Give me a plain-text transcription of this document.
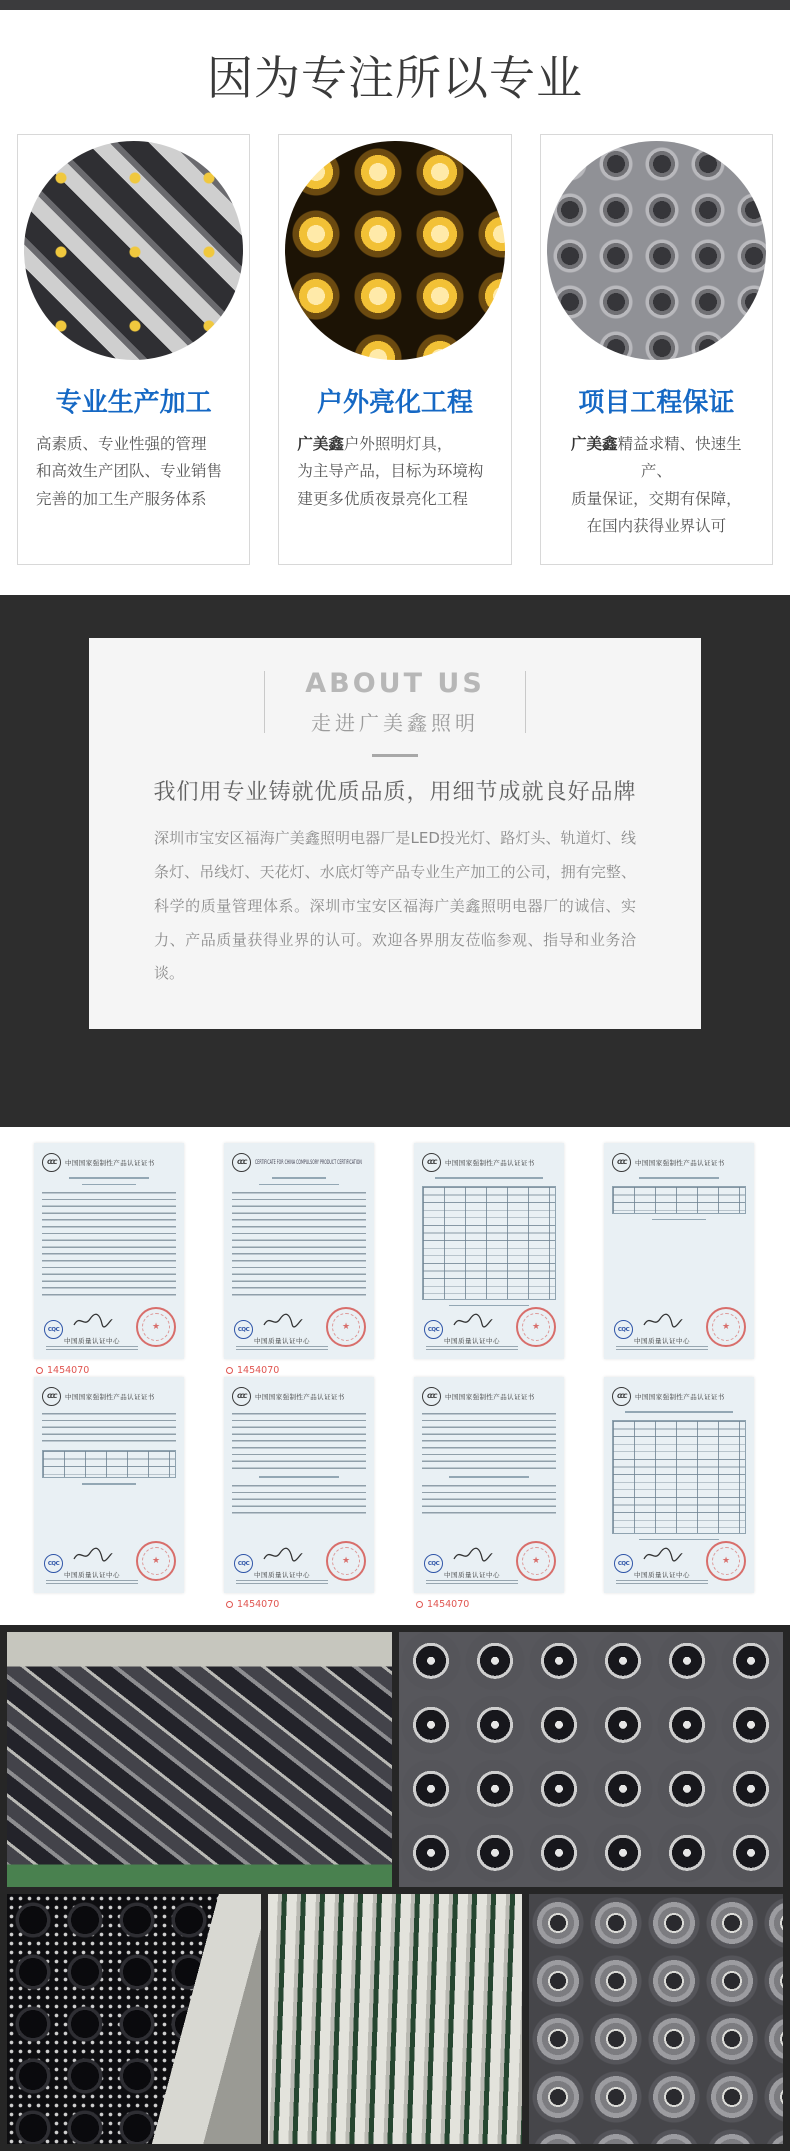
因为专注所以专业
专业生产加工

高素质、专业性强的管理
和高效生产团队、专业销售
完善的加工生产服务体系

户外亮化工程

广美鑫户外照明灯具，
为主导产品，目标为环境构
建更多优质夜景亮化工程

项目工程保证

广美鑫精益求精、快速生产、
质量保证，交期有保障，
在国内获得业界认可

ABOUT US
走进广美鑫照明
我们用专业铸就优质品质，用细节成就良好品牌

深圳市宝安区福海广美鑫照明电器厂是LED投光灯、路灯头、轨道灯、线条灯、吊线灯、天花灯、水底灯等产品专业生产加工的公司，拥有完整、科学的质量管理体系。深圳市宝安区福海广美鑫照明电器厂的诚信、实力、产品质量获得业界的认可。欢迎各界朋友莅临参观、指导和业务洽谈。

CCC	中国国家强制性产品认证证书
CQC
中国质量认证中心
★
1454070
CCC	CERTIFICATE FOR CHINA COMPULSORY PRODUCT CERTIFICATION
CQC
中国质量认证中心
★
1454070
CCC	中国国家强制性产品认证证书
CQC
中国质量认证中心
★
CCC	中国国家强制性产品认证证书
CQC
中国质量认证中心
★
CCC	中国国家强制性产品认证证书
CQC
中国质量认证中心
★
CCC	中国国家强制性产品认证证书
CQC
中国质量认证中心
★
1454070
CCC	中国国家强制性产品认证证书
CQC
中国质量认证中心
★
1454070
CCC	中国国家强制性产品认证证书
CQC
中国质量认证中心
★
